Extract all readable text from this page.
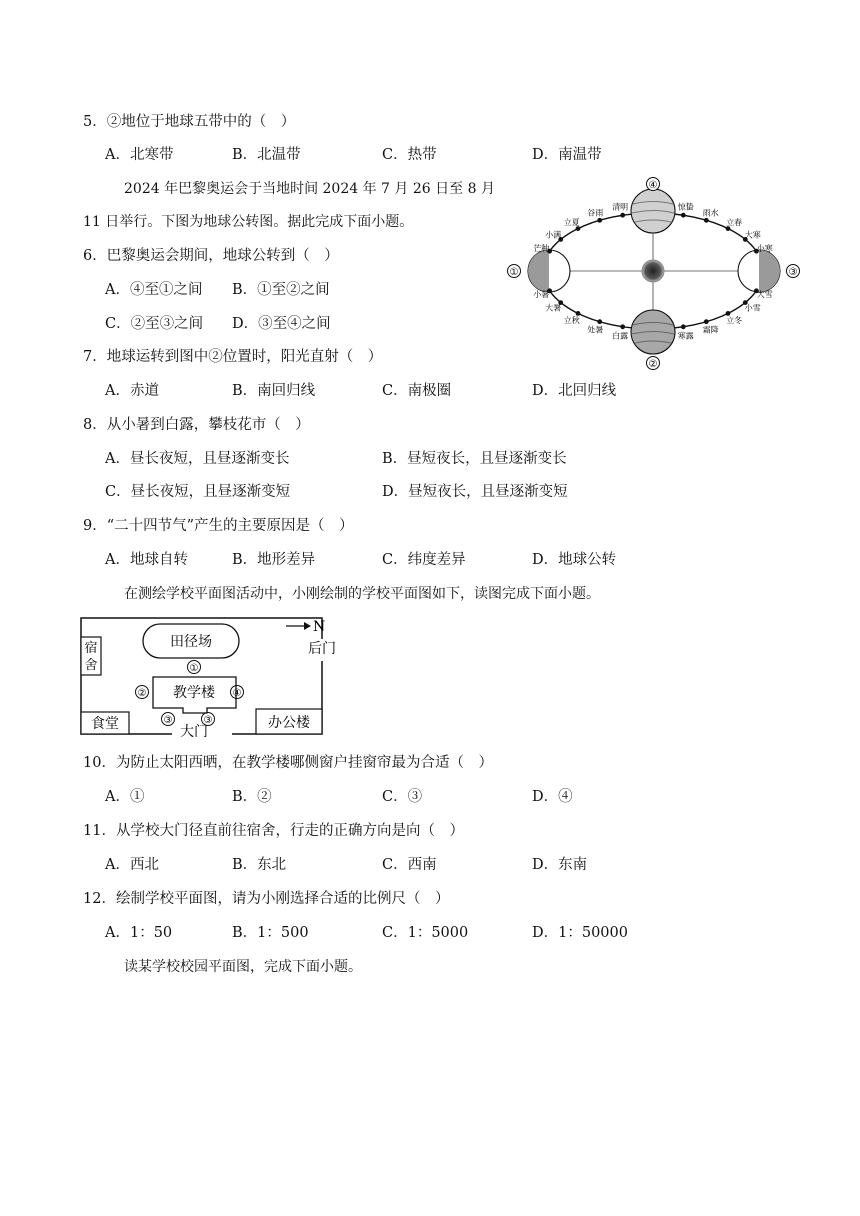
5．②地位于地球五带中的（　）
A．北寒带	B．北温带	C．热带	D．南温带
2024 年巴黎奥运会于当地时间 2024 年 7 月 26 日至 8 月
11 日举行。下图为地球公转图。据此完成下面小题。
6．巴黎奥运会期间，地球公转到（　）
A．④至①之间 B．①至②之间
C．②至③之间 D．③至④之间
7．地球运转到图中②位置时，阳光直射（　）
A．赤道	B．南回归线	C．南极圈	D．北回归线
8．从小暑到白露，攀枝花市（　）
A．昼长夜短，且昼逐渐变长	B．昼短夜长，且昼逐渐变长
C．昼长夜短，且昼逐渐变短	D．昼短夜长，且昼逐渐变短
9．“二十四节气”产生的主要原因是（　）
A．地球自转	B．地形差异	C．纬度差异	D．地球公转
在测绘学校平面图活动中，小刚绘制的学校平面图如下，读图完成下面小题。
宿
舍
田径场
N
后门
①
教学楼
②	④
③	③
食堂	办公楼
大门
10．为防止太阳西晒，在教学楼哪侧窗户挂窗帘最为合适（　）
A．①	B．②	C．③	D．④
11．从学校大门径直前往宿舍，行走的正确方向是向（　）
A．西北	B．东北	C．西南	D．东南
12．绘制学校平面图，请为小刚选择合适的比例尺（　）
A．1：50	B．1：500	C．1：5000	D．1：50000
读某学校校园平面图，完成下面小题。
①	③
④
②
芒种
小满
立夏
谷雨
清明	惊蛰
雨水
立春
大寒
小寒
小暑
大暑
立秋
处暑
白露	寒露
霜降
立冬
小雪
大雪
